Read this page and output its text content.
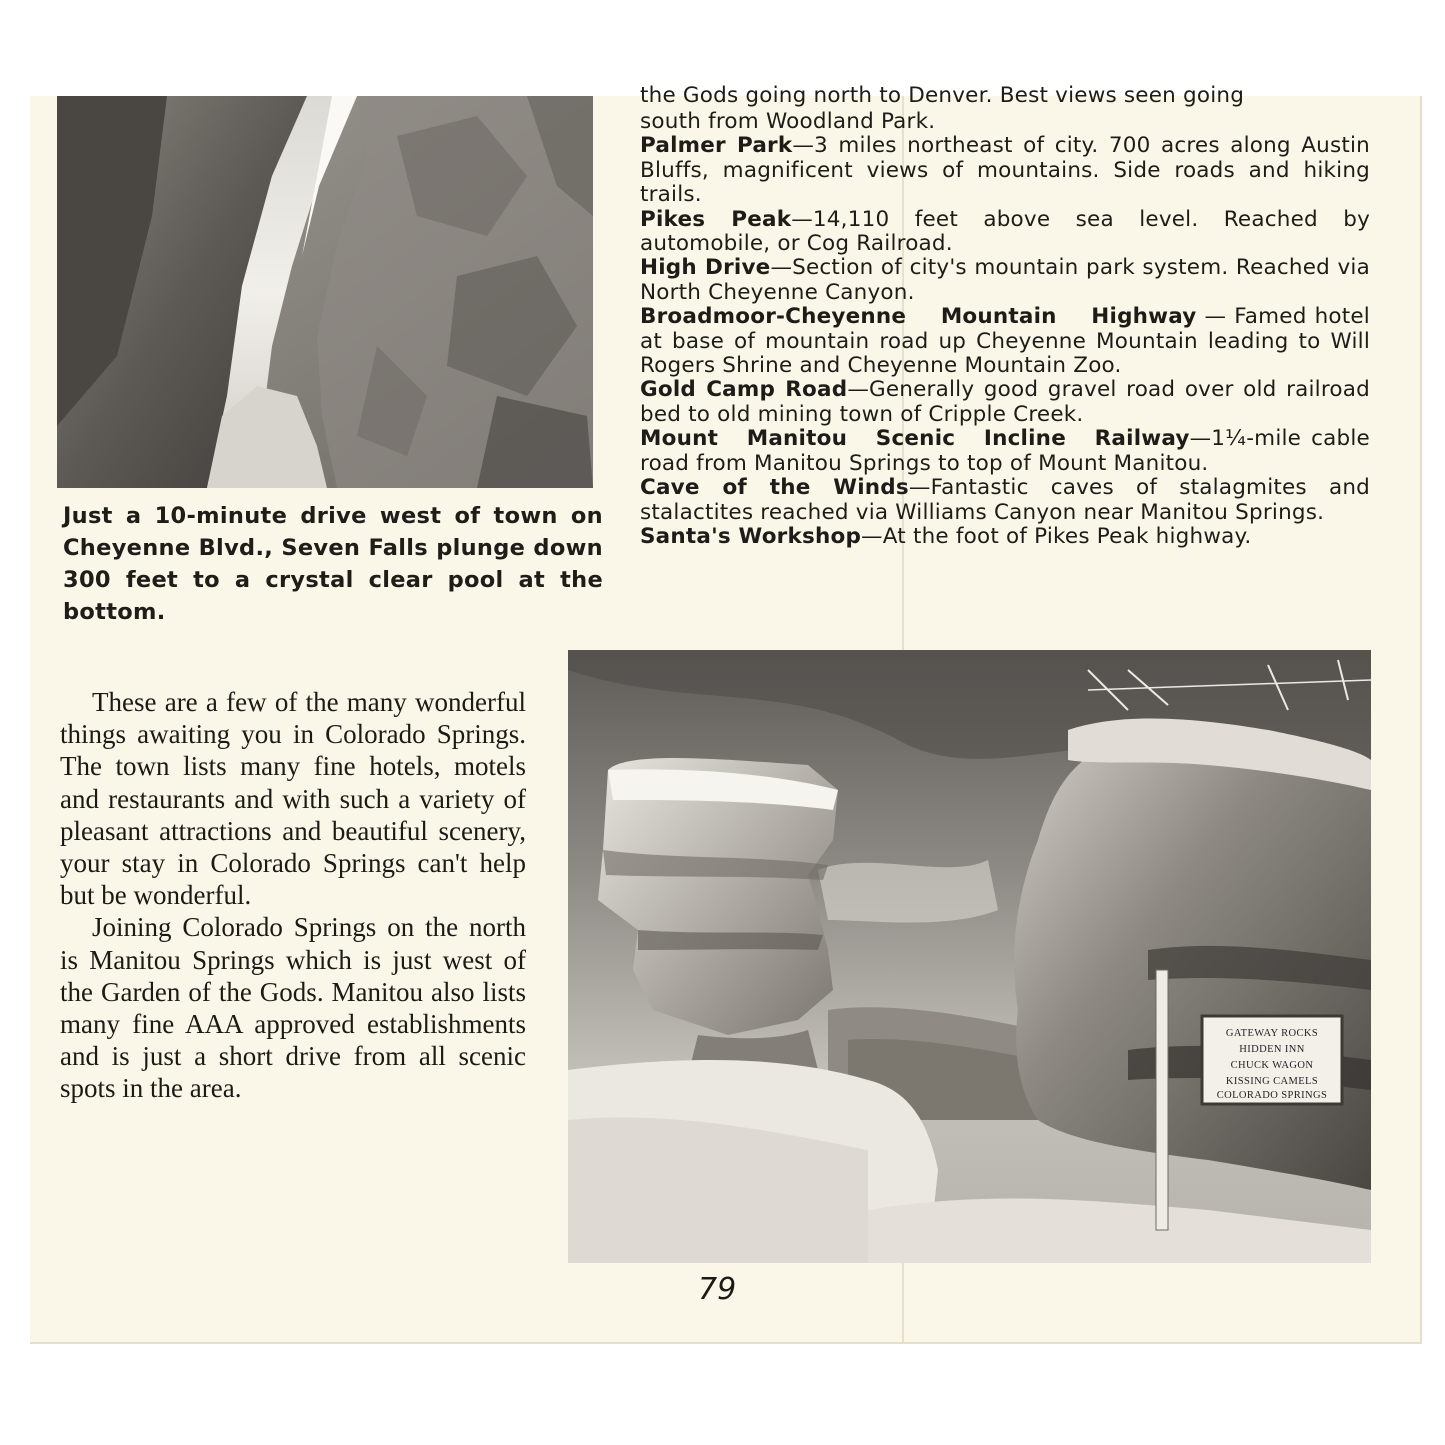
Just a 10-minute drive west of town on Cheyenne Blvd., Seven Falls plunge down 300 feet to a crystal clear pool at the bottom.

the Gods going north to Denver. Best views seen going

south from Woodland Park.

Palmer Park—3 miles northeast of city. 700 acres along Austin Bluffs, magnificent views of mountains. Side roads and hiking trails.

Pikes Peak—14,110 feet above sea level. Reached by automobile, or Cog Railroad.

High Drive—Section of city's mountain park system. Reached via North Cheyenne Canyon.

Broadmoor-Cheyenne Mountain Highway — Famed hotel at base of mountain road up Cheyenne Mountain leading to Will Rogers Shrine and Cheyenne Mountain Zoo.

Gold Camp Road—Generally good gravel road over old railroad bed to old mining town of Cripple Creek.

Mount Manitou Scenic Incline Railway—1¼-mile cable road from Manitou Springs to top of Mount Manitou.

Cave of the Winds—Fantastic caves of stalagmites and stalactites reached via Williams Canyon near Manitou Springs.

Santa's Workshop—At the foot of Pikes Peak highway.

These are a few of the many wonderful things awaiting you in Colorado Springs. The town lists many fine hotels, motels and restaurants and with such a variety of pleasant attractions and beautiful scenery, your stay in Colorado Springs can't help but be wonderful.

Joining Colorado Springs on the north is Manitou Springs which is just west of the Garden of the Gods. Manitou also lists many fine AAA approved establishments and is just a short drive from all scenic spots in the area.

GATEWAY ROCKS
HIDDEN INN
CHUCK WAGON
KISSING CAMELS
COLORADO SPRINGS
79
